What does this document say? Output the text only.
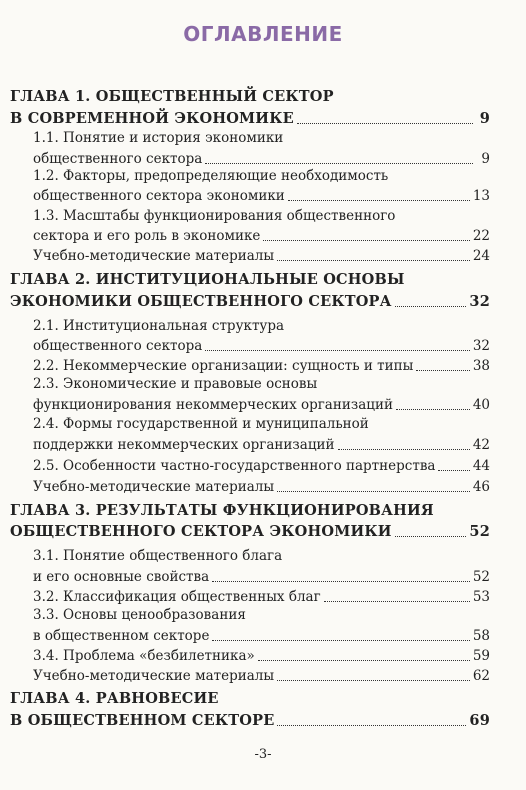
ОГЛАВЛЕНИЕ
ГЛАВА 1. ОБЩЕСТВЕННЫЙ СЕКТОР
В СОВРЕМЕННОЙ ЭКОНОМИКЕ	9
1.1. Понятие и история экономики
общественного сектора	9
1.2. Факторы, предопределяющие необходимость
общественного сектора экономики	13
1.3. Масштабы функционирования общественного
сектора и его роль в экономике	22
Учебно-методические материалы	24
ГЛАВА 2. ИНСТИТУЦИОНАЛЬНЫЕ ОСНОВЫ
ЭКОНОМИКИ ОБЩЕСТВЕННОГО СЕКТОРА	32
2.1. Институциональная структура
общественного сектора	32
2.2. Некоммерческие организации: сущность и типы	38
2.3. Экономические и правовые основы
функционирования некоммерческих организаций	40
2.4. Формы государственной и муниципальной
поддержки некоммерческих организаций	42
2.5. Особенности частно-государственного партнерства	44
Учебно-методические материалы	46
ГЛАВА 3. РЕЗУЛЬТАТЫ ФУНКЦИОНИРОВАНИЯ
ОБЩЕСТВЕННОГО СЕКТОРА ЭКОНОМИКИ	52
3.1. Понятие общественного блага
и его основные свойства	52
3.2. Классификация общественных благ	53
3.3. Основы ценообразования
в общественном секторе	58
3.4. Проблема «безбилетника»	59
Учебно-методические материалы	62
ГЛАВА 4. РАВНОВЕСИЕ
В ОБЩЕСТВЕННОМ СЕКТОРЕ	69
-3-
